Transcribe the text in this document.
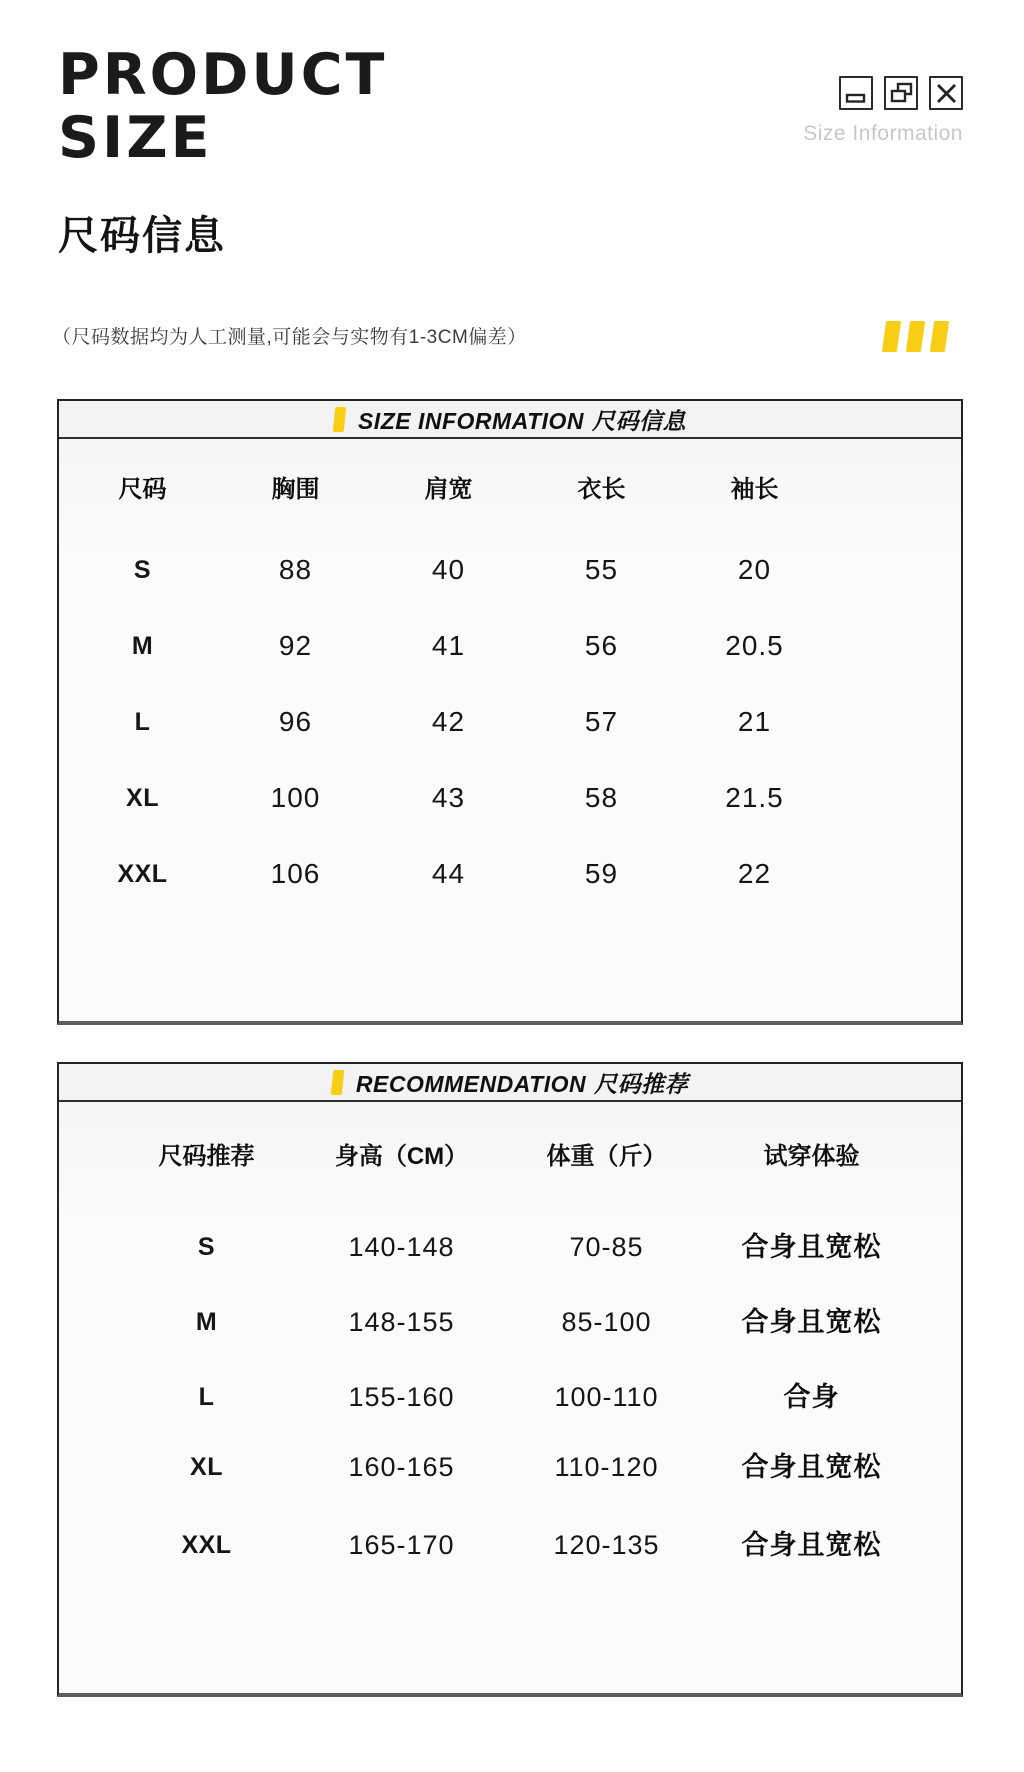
PRODUCT
SIZE	Size Information
尺码信息
（尺码数据均为人工测量,可能会与实物有1-3CM偏差）
SIZE INFORMATION 尺码信息
尺码	胸围	肩宽	衣长	袖长
S	88	40	55	20
M	92	41	56	20.5
L	96	42	57	21
XL	100	43	58	21.5
XXL	106	44	59	22
RECOMMENDATION 尺码推荐
尺码推荐	身高（CM）	体重（斤）	试穿体验
S	140-148	70-85	合身且宽松
M	148-155	85-100	合身且宽松
L	155-160	100-110	合身
XL	160-165	110-120	合身且宽松
XXL	165-170	120-135	合身且宽松
